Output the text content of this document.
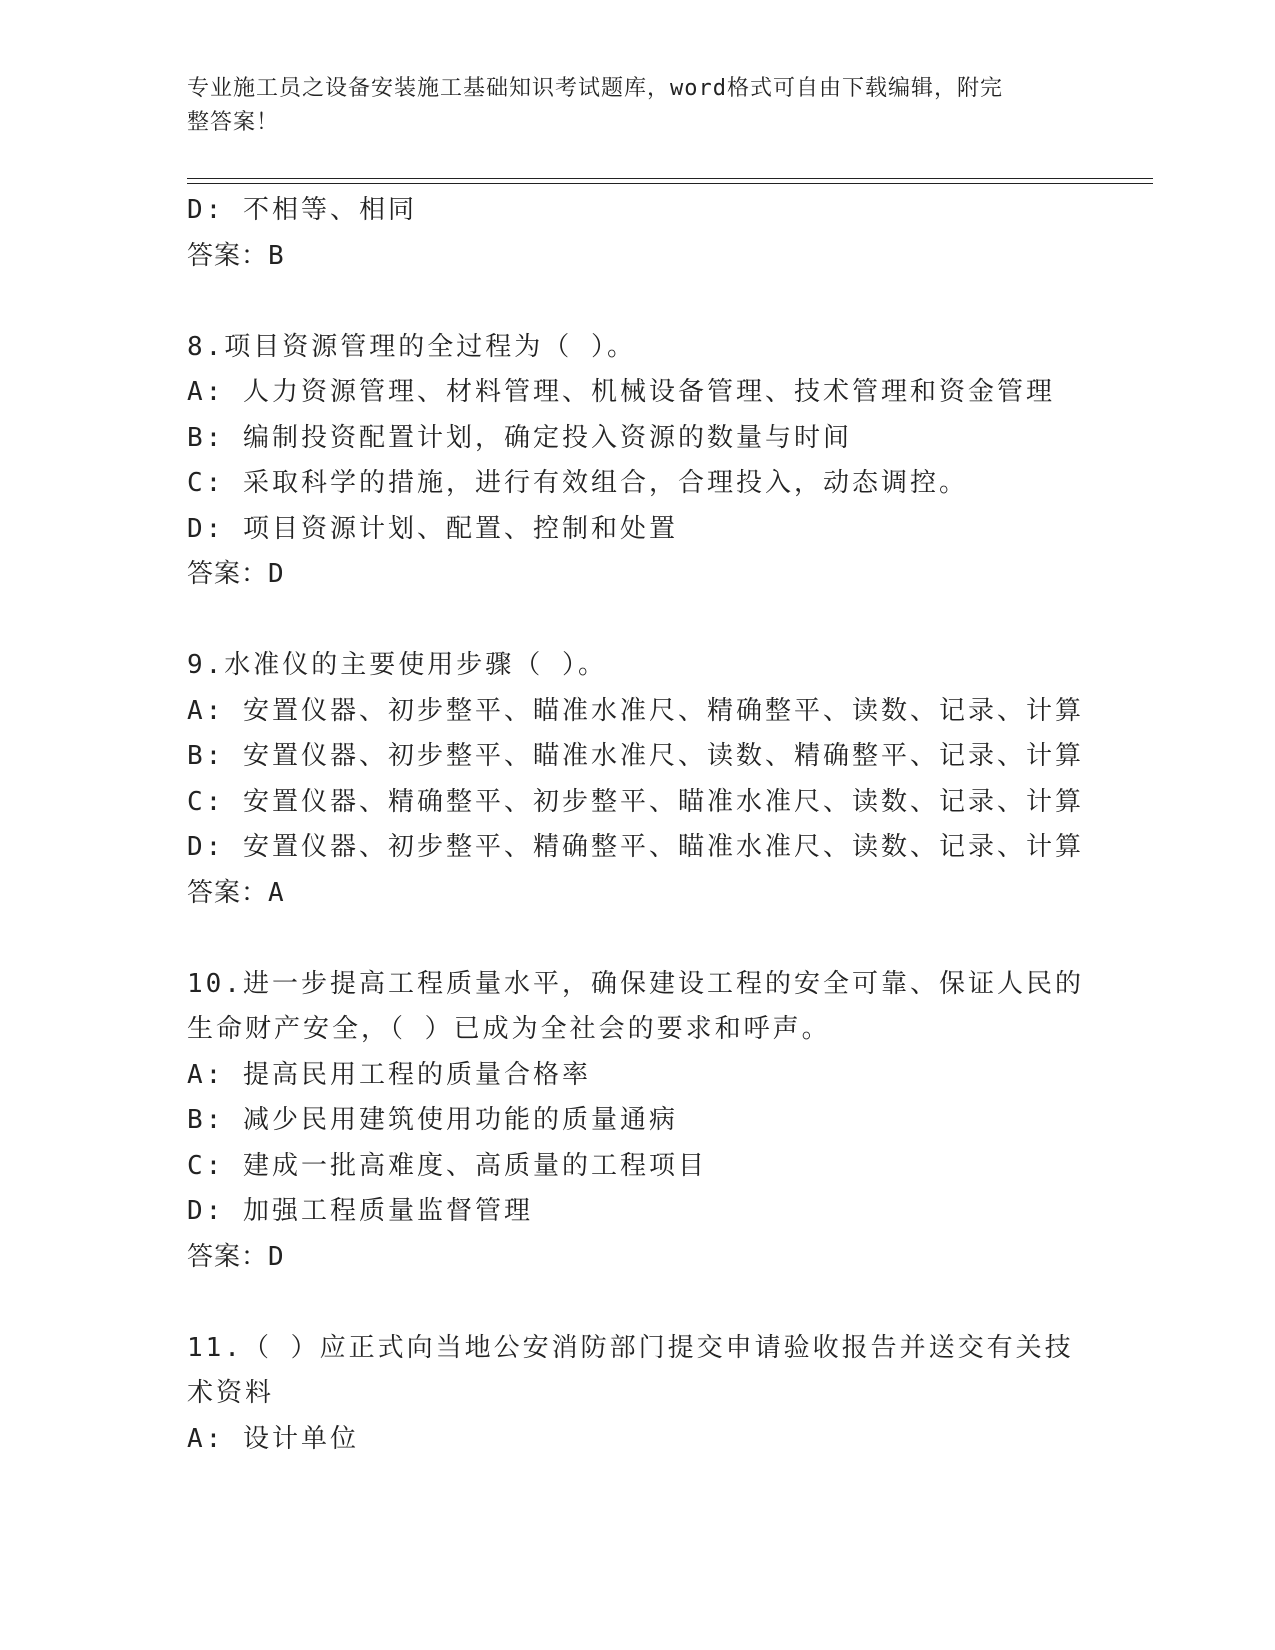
专业施工员之设备安装施工基础知识考试题库，word格式可自由下载编辑，附完
整答案！
D: 不相等、相同
答案：B
8.项目资源管理的全过程为（ ）。
A: 人力资源管理、材料管理、机械设备管理、技术管理和资金管理
B: 编制投资配置计划，确定投入资源的数量与时间
C: 采取科学的措施，进行有效组合，合理投入，动态调控。
D: 项目资源计划、配置、控制和处置
答案：D
9.水准仪的主要使用步骤（ ）。
A: 安置仪器、初步整平、瞄准水准尺、精确整平、读数、记录、计算
B: 安置仪器、初步整平、瞄准水准尺、读数、精确整平、记录、计算
C: 安置仪器、精确整平、初步整平、瞄准水准尺、读数、记录、计算
D: 安置仪器、初步整平、精确整平、瞄准水准尺、读数、记录、计算
答案：A
10.进一步提高工程质量水平，确保建设工程的安全可靠、保证人民的
生命财产安全，（ ）已成为全社会的要求和呼声。
A: 提高民用工程的质量合格率
B: 减少民用建筑使用功能的质量通病
C: 建成一批高难度、高质量的工程项目
D: 加强工程质量监督管理
答案：D
11.（ ）应正式向当地公安消防部门提交申请验收报告并送交有关技
术资料
A: 设计单位
